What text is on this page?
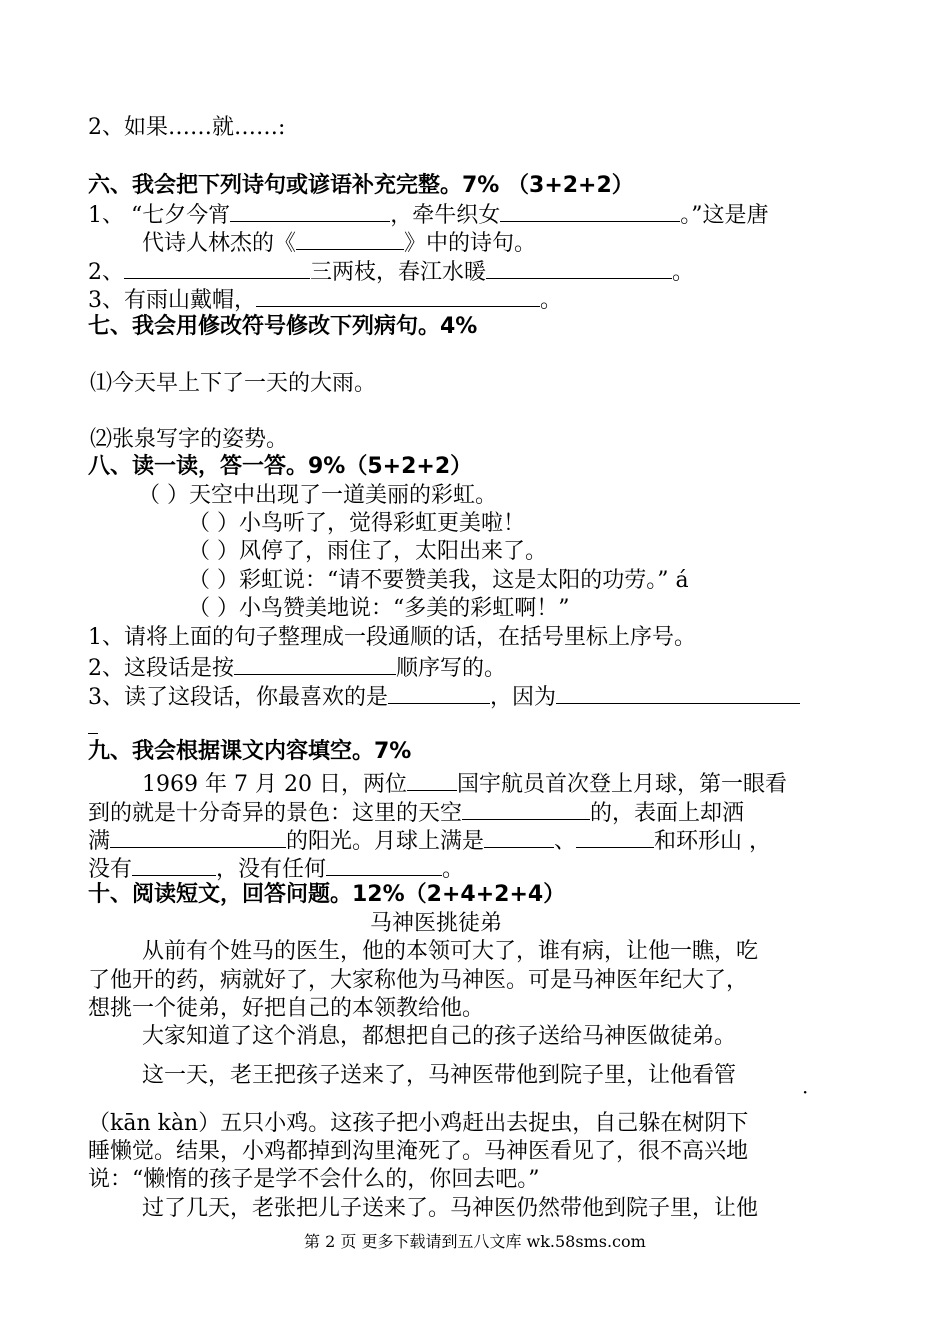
2、如果……就……:
六、我会把下列诗句或谚语补充完整。7% （3+2+2）
1、 “七夕今宵	，牵牛织女	。”这是唐
代诗人林杰的《	》中的诗句。
2、	三两枝，春江水暖	。
3、有雨山戴帽，	。
七、我会用修改符号修改下列病句。4%
⑴今天早上下了一天的大雨。
⑵张泉写字的姿势。
八、读一读，答一答。9%（5+2+2）
（ ）天空中出现了一道美丽的彩虹。
（ ）小鸟听了，觉得彩虹更美啦！
（ ）风停了，雨住了，太阳出来了。
（ ）彩虹说：“请不要赞美我，这是太阳的功劳。” á
（ ）小鸟赞美地说：“多美的彩虹啊！”
1、请将上面的句子整理成一段通顺的话，在括号里标上序号。
2、这段话是按	顺序写的。
3、读了这段话，你最喜欢的是	，因为
九、我会根据课文内容填空。7%
1969 年 7 月 20 日，两位 国宇航员首次登上月球，第一眼看
到的就是十分奇异的景色：这里的天空	的，表面上却洒
满	的阳光。月球上满是	、	和环形山 ，
没有	，没有任何	。
十、阅读短文，回答问题。12%（2+4+2+4）
马神医挑徒弟
从前有个姓马的医生，他的本领可大了，谁有病，让他一瞧，吃
了他开的药，病就好了，大家称他为马神医。可是马神医年纪大了，
想挑一个徒弟，好把自己的本领教给他。
大家知道了这个消息，都想把自己的孩子送给马神医做徒弟。
这一天，老王把孩子送来了，马神医带他到院子里，让他看管
·
（kān kàn）五只小鸡。这孩子把小鸡赶出去捉虫，自己躲在树阴下
睡懒觉。结果，小鸡都掉到沟里淹死了。马神医看见了，很不高兴地
说：“懒惰的孩子是学不会什么的，你回去吧。”
过了几天，老张把儿子送来了。马神医仍然带他到院子里，让他
第 2 页 更多下载请到五八文库 wk.58sms.com
